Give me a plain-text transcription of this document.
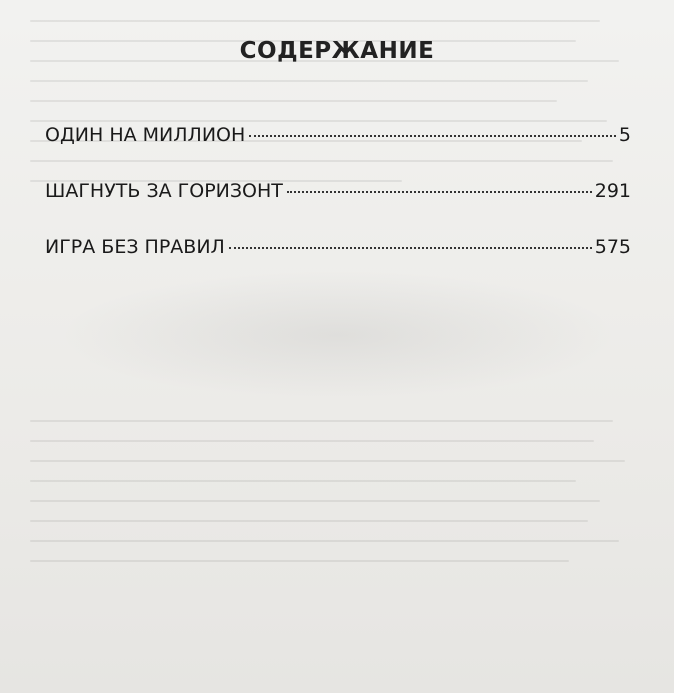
СОДЕРЖАНИЕ
ОДИН НА МИЛЛИОН	5
ШАГНУТЬ ЗА ГОРИЗОНТ	291
ИГРА БЕЗ ПРАВИЛ	575
